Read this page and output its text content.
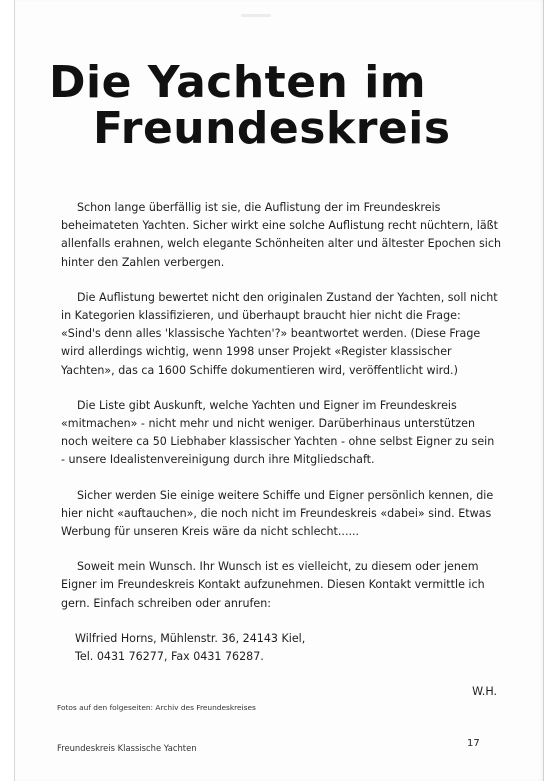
Die Yachten im
Freundeskreis

Schon lange überfällig ist sie, die Auflistung der im Freundeskreis beheimateten Yachten. Sicher wirkt eine solche Auflistung recht nüchtern, läßt allenfalls erahnen, welch elegante Schönheiten alter und ältester Epochen sich hinter den Zahlen verbergen.

Die Auflistung bewertet nicht den originalen Zustand der Yachten, soll nicht in Kategorien klassifizieren, und überhaupt braucht hier nicht die Frage: «Sind's denn alles 'klassische Yachten'?» beantwortet werden. (Diese Frage wird allerdings wichtig, wenn 1998 unser Projekt «Register klassischer Yachten», das ca 1600 Schiffe dokumentieren wird, veröffentlicht wird.)

Die Liste gibt Auskunft, welche Yachten und Eigner im Freundeskreis «mitmachen» - nicht mehr und nicht weniger. Darüberhinaus unterstützen noch weitere ca 50 Liebhaber klassischer Yachten - ohne selbst Eigner zu sein - unsere Idealistenvereinigung durch ihre Mitgliedschaft.

Sicher werden Sie einige weitere Schiffe und Eigner persönlich kennen, die hier nicht «auftauchen», die noch nicht im Freundeskreis «dabei» sind. Etwas Werbung für unseren Kreis wäre da nicht schlecht......

Soweit mein Wunsch. Ihr Wunsch ist es vielleicht, zu diesem oder jenem Eigner im Freundeskreis Kontakt aufzunehmen. Diesen Kontakt vermittle ich gern. Einfach schreiben oder anrufen:

Wilfried Horns, Mühlenstr. 36, 24143 Kiel,
Tel. 0431 76277, Fax 0431 76287.
W.H.
Fotos auf den folgeseiten: Archiv des Freundeskreises
Freundeskreis Klassische Yachten	17
